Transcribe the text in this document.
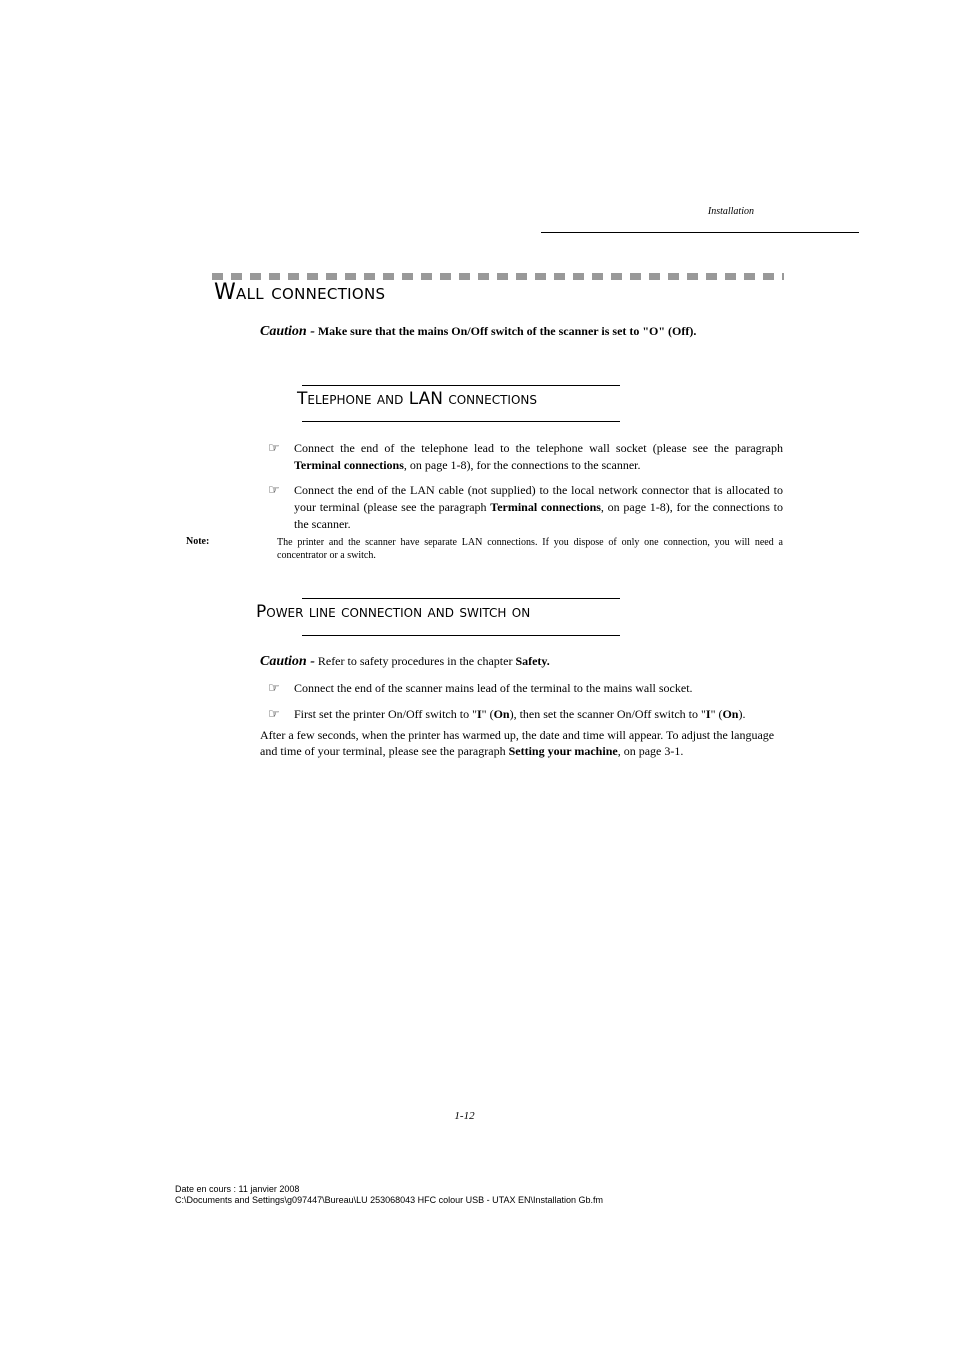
Installation
Wall connections
Caution - Make sure that the mains On/Off switch of the scanner is set to "O" (Off).
Telephone and LAN connections
☞ Connect the end of the telephone lead to the telephone wall socket (please see the paragraph Terminal connections, on page 1-8), for the connections to the scanner.
☞ Connect the end of the LAN cable (not supplied) to the local network connector that is allocated to your terminal (please see the paragraph Terminal connections, on page 1-8), for the connections to the scanner.
Note:	The printer and the scanner have separate LAN connections. If you dispose of only one connection, you will need a concentrator or a switch.
Power line connection and switch on
Caution - Refer to safety procedures in the chapter Safety.
☞ Connect the end of the scanner mains lead of the terminal to the mains wall socket.
☞ First set the printer On/Off switch to "I" (On), then set the scanner On/Off switch to "I" (On).
After a few seconds, when the printer has warmed up, the date and time will appear. To adjust the language and time of your terminal, please see the paragraph Setting your machine, on page 3-1.
1-12
Date en cours : 11 janvier 2008
C:\Documents and Settings\g097447\Bureau\LU 253068043 HFC colour USB - UTAX EN\Installation Gb.fm
